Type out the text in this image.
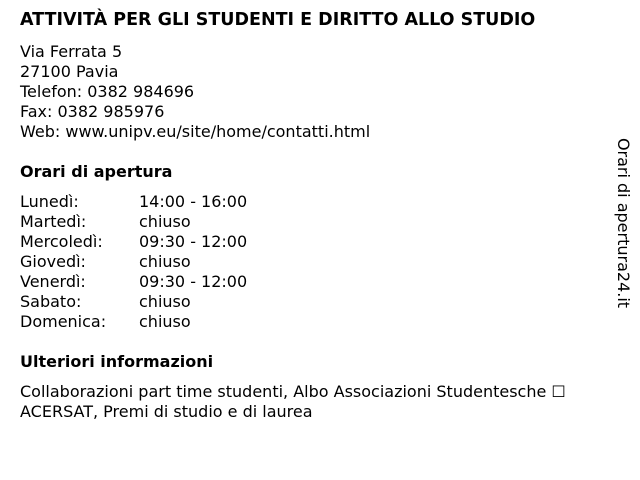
ATTIVITÀ PER GLI STUDENTI E DIRITTO ALLO STUDIO
Via Ferrata 5
27100 Pavia
Telefon: 0382 984696
Fax: 0382 985976
Web: www.unipv.eu/site/home/contatti.html
Orari di apertura
Lunedì:	14:00 - 16:00
Martedì:	chiuso
Mercoledì:	09:30 - 12:00
Giovedì:	chiuso
Venerdì:	09:30 - 12:00
Sabato:	chiuso
Domenica:	chiuso
Ulteriori informazioni
Collaborazioni part time studenti, Albo Associazioni Studentesche ☐ ACERSAT, Premi di studio e di laurea
Orari di apertura24.it
